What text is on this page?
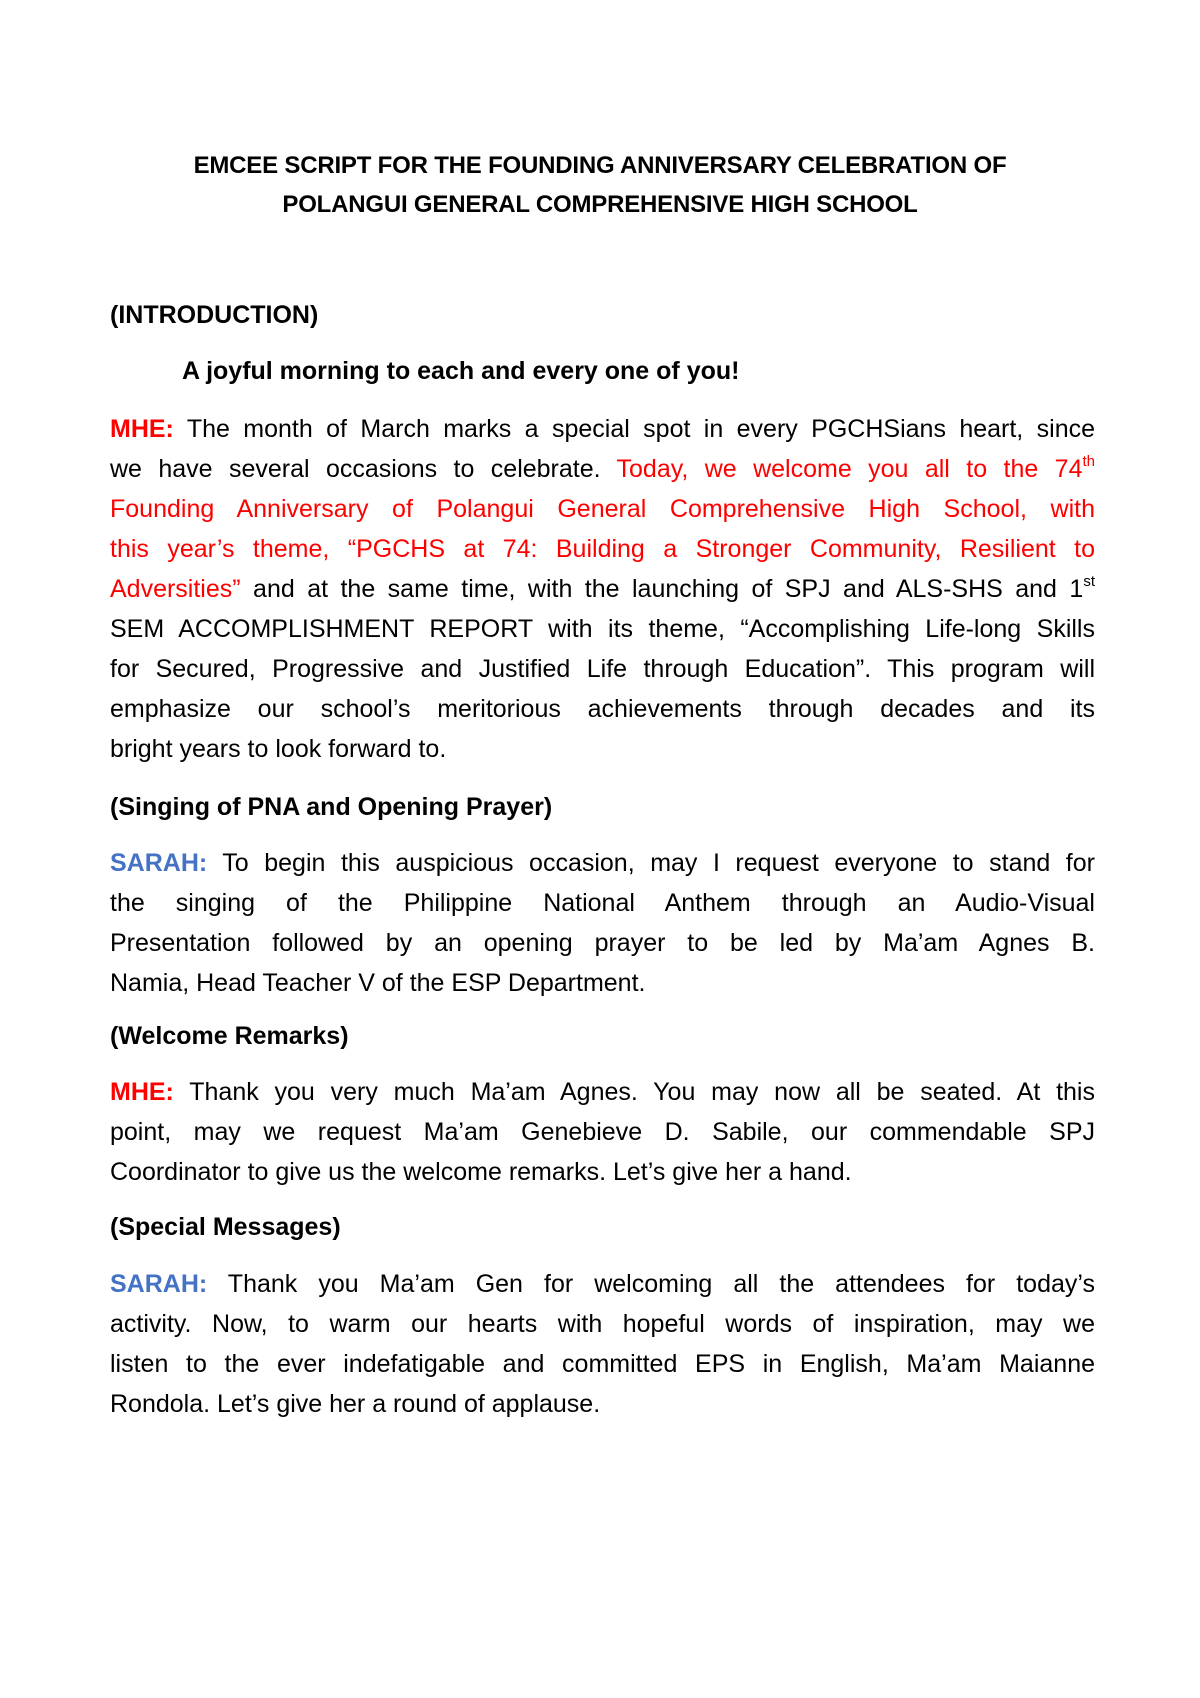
EMCEE SCRIPT FOR THE FOUNDING ANNIVERSARY CELEBRATION OF
POLANGUI GENERAL COMPREHENSIVE HIGH SCHOOL
(INTRODUCTION)
A joyful morning to each and every one of you!
MHE: The month of March marks a special spot in every PGCHSians heart, since
we have several occasions to celebrate. Today, we welcome you all to the 74th
Founding Anniversary of Polangui General Comprehensive High School, with
this year’s theme, “PGCHS at 74: Building a Stronger Community, Resilient to
Adversities” and at the same time, with the launching of SPJ and ALS-SHS and 1st
SEM ACCOMPLISHMENT REPORT with its theme, “Accomplishing Life-long Skills
for Secured, Progressive and Justified Life through Education”. This program will
emphasize our school’s meritorious achievements through decades and its
bright years to look forward to.
(Singing of PNA and Opening Prayer)
SARAH: To begin this auspicious occasion, may I request everyone to stand for
the singing of the Philippine National Anthem through an Audio-Visual
Presentation followed by an opening prayer to be led by Ma’am Agnes B.
Namia, Head Teacher V of the ESP Department.
(Welcome Remarks)
MHE: Thank you very much Ma’am Agnes. You may now all be seated. At this
point, may we request Ma’am Genebieve D. Sabile, our commendable SPJ
Coordinator to give us the welcome remarks. Let’s give her a hand.
(Special Messages)
SARAH: Thank you Ma’am Gen for welcoming all the attendees for today’s
activity. Now, to warm our hearts with hopeful words of inspiration, may we
listen to the ever indefatigable and committed EPS in English, Ma’am Maianne
Rondola. Let’s give her a round of applause.
